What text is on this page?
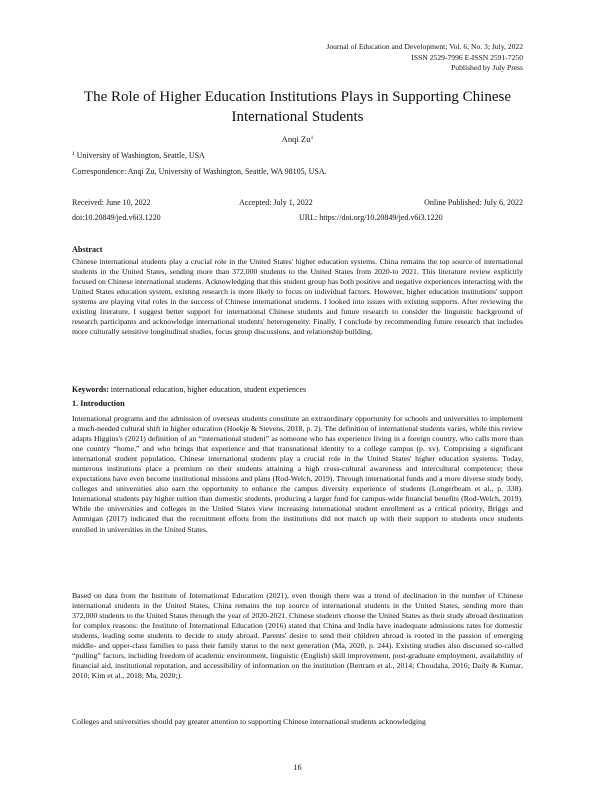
Journal of Education and Development; Vol. 6, No. 3; July, 2022
ISSN 2529-7996 E-ISSN 2591-7250
Published by July Press
The Role of Higher Education Institutions Plays in Supporting Chinese International Students
Anqi Zu$^1$
$^1$ University of Washington, Seattle, USA
Correspondence: Anqi Zu, University of Washington, Seattle, WA 98105, USA.
Received: June 10, 2022	Accepted: July 1, 2022	Online Published: July 6, 2022
doi:10.20849/jed.v6i3.1220	URL: https://doi.org/10.20849/jed.v6i3.1220
Abstract

Chinese international students play a crucial role in the United States' higher education systems. China remains the top source of international students in the United States, sending more than 372,000 students to the United States from 2020-to 2021. This literature review explicitly focused on Chinese international students. Acknowledging that this student group has both positive and negative experiences interacting with the United States education system, existing research is more likely to focus on individual factors. However, higher education institutions' support systems are playing vital roles in the success of Chinese international students. I looked into issues with existing supports. After reviewing the existing literature, I suggest better support for international Chinese students and future research to consider the linguistic background of research participants and acknowledge international students' heterogeneity. Finally, I conclude by recommending future research that includes more culturally sensitive longitudinal studies, focus group discussions, and relationship building.

Keywords: international education, higher education, student experiences
1. Introduction

International programs and the admission of overseas students constitute an extraordinary opportunity for schools and universities to implement a much-needed cultural shift in higher education (Hoekje & Stevens, 2018, p. 2). The definition of international students varies, while this review adapts Higgins's (2021) definition of an “international student” as someone who has experience living in a foreign country, who calls more than one country “home,” and who brings that experience and that transnational identity to a college campus (p. xv). Comprising a significant international student population, Chinese international students play a crucial role in the United States' higher education systems. Today, numerous institutions place a premium on their students attaining a high cross-cultural awareness and intercultural competence; these expectations have even become institutional missions and plans (Rod-Welch, 2019). Through international funds and a more diverse study body, colleges and universities also earn the opportunity to enhance the campus diversity experience of students (Longerbeam et al., p. 338). International students pay higher tuition than domestic students, producing a larger fund for campus-wide financial benefits (Rod-Welch, 2019). While the universities and colleges in the United States view increasing international student enrollment as a critical priority, Briggs and Ammigan (2017) indicated that the recruitment efforts from the institutions did not match up with their support to students once students enrolled in universities in the United States.

Based on data from the Institute of International Education (2021), even though there was a trend of declination in the number of Chinese international students in the United States, China remains the top source of international students in the United States, sending more than 372,000 students to the United States through the year of 2020-2021. Chinese students choose the United States as their study abroad destination for complex reasons: the Institute of International Education (2016) stated that China and India have inadequate admissions rates for domestic students, leading some students to decide to study abroad. Parents' desire to send their children abroad is rooted in the passion of emerging middle- and upper-class families to pass their family status to the next generation (Ma, 2020, p. 244). Existing studies also discussed so-called “pulling” factors, including freedom of academic environment, linguistic (English) skill improvement, post-graduate employment, availability of financial aid, institutional reputation, and accessibility of information on the institution (Bertram et al., 2014; Choudaha, 2016; Daily & Kumar, 2010; Kim et al., 2018; Ma, 2020;).

Colleges and universities should pay greater attention to supporting Chinese international students acknowledging

16
